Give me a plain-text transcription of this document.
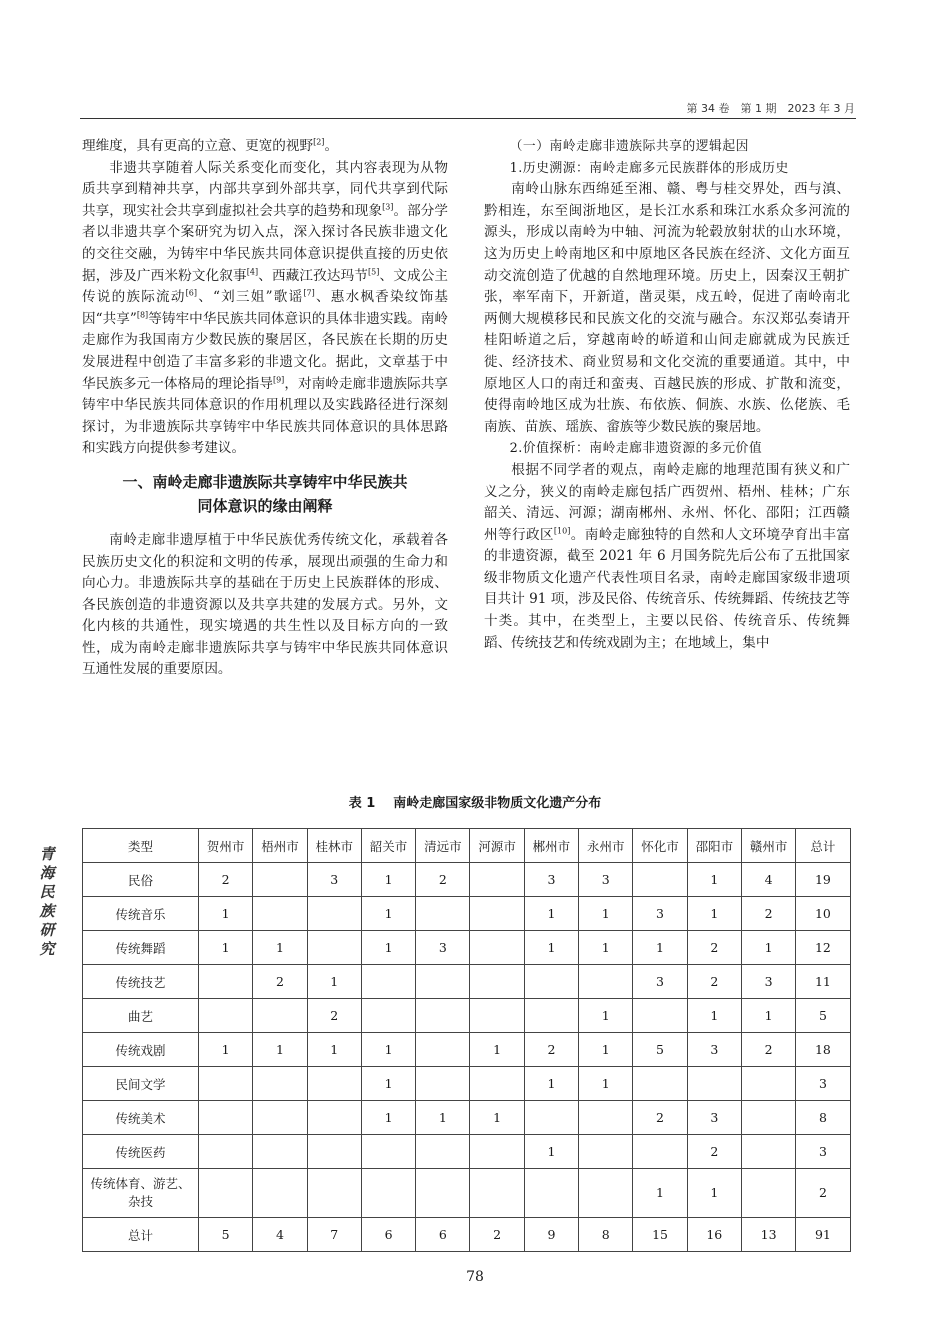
第 34 卷　第 1 期　2023 年 3 月
青
海
民
族
研
究

理维度，具有更高的立意、更宽的视野[2]。

非遗共享随着人际关系变化而变化，其内容表现为从物质共享到精神共享，内部共享到外部共享，同代共享到代际共享，现实社会共享到虚拟社会共享的趋势和现象[3]。部分学者以非遗共享个案研究为切入点，深入探讨各民族非遗文化的交往交融，为铸牢中华民族共同体意识提供直接的历史依据，涉及广西米粉文化叙事[4]、西藏江孜达玛节[5]、文成公主传说的族际流动[6]、“刘三姐”歌谣[7]、惠水枫香染纹饰基因“共享”[8]等铸牢中华民族共同体意识的具体非遗实践。南岭走廊作为我国南方少数民族的聚居区，各民族在长期的历史发展进程中创造了丰富多彩的非遗文化。据此，文章基于中华民族多元一体格局的理论指导[9]，对南岭走廊非遗族际共享铸牢中华民族共同体意识的作用机理以及实践路径进行深刻探讨，为非遗族际共享铸牢中华民族共同体意识的具体思路和实践方向提供参考建议。

一、南岭走廊非遗族际共享铸牢中华民族共
同体意识的缘由阐释

南岭走廊非遗厚植于中华民族优秀传统文化，承载着各民族历史文化的积淀和文明的传承，展现出顽强的生命力和向心力。非遗族际共享的基础在于历史上民族群体的形成、各民族创造的非遗资源以及共享共建的发展方式。另外，文化内核的共通性，现实境遇的共生性以及目标方向的一致性，成为南岭走廊非遗族际共享与铸牢中华民族共同体意识互通性发展的重要原因。

（一）南岭走廊非遗族际共享的逻辑起因

1.历史溯源：南岭走廊多元民族群体的形成历史

南岭山脉东西绵延至湘、赣、粤与桂交界处，西与滇、黔相连，东至闽浙地区，是长江水系和珠江水系众多河流的源头，形成以南岭为中轴、河流为轮毂放射状的山水环境，这为历史上岭南地区和中原地区各民族在经济、文化方面互动交流创造了优越的自然地理环境。历史上，因秦汉王朝扩张，率军南下，开新道，凿灵渠，戍五岭，促进了南岭南北两侧大规模移民和民族文化的交流与融合。东汉郑弘奏请开桂阳峤道之后，穿越南岭的峤道和山间走廊就成为民族迁徙、经济技术、商业贸易和文化交流的重要通道。其中，中原地区人口的南迁和蛮夷、百越民族的形成、扩散和流变，使得南岭地区成为壮族、布依族、侗族、水族、仫佬族、毛南族、苗族、瑶族、畲族等少数民族的聚居地。

2.价值探析：南岭走廊非遗资源的多元价值

根据不同学者的观点，南岭走廊的地理范围有狭义和广义之分，狭义的南岭走廊包括广西贺州、梧州、桂林；广东韶关、清远、河源；湖南郴州、永州、怀化、邵阳；江西赣州等行政区[10]。南岭走廊独特的自然和人文环境孕育出丰富的非遗资源，截至 2021 年 6 月国务院先后公布了五批国家级非物质文化遗产代表性项目名录，南岭走廊国家级非遗项目共计 91 项，涉及民俗、传统音乐、传统舞蹈、传统技艺等十类。其中，在类型上，主要以民俗、传统音乐、传统舞蹈、传统技艺和传统戏剧为主；在地域上，集中

表 1 南岭走廊国家级非物质文化遗产分布
类型	贺州市	梧州市	桂林市	韶关市	清远市	河源市	郴州市	永州市	怀化市	邵阳市	赣州市	总计
民俗	2		3	1	2		3	3		1	4	19
传统音乐	1			1			1	1	3	1	2	10
传统舞蹈	1	1		1	3		1	1	1	2	1	12
传统技艺		2	1						3	2	3	11
曲艺			2					1		1	1	5
传统戏剧	1	1	1	1		1	2	1	5	3	2	18
民间文学				1			1	1				3
传统美术				1	1	1			2	3		8
传统医药							1			2		3
传统体育、游艺、杂技									1	1		2
总计	5	4	7	6	6	2	9	8	15	16	13	91
78
